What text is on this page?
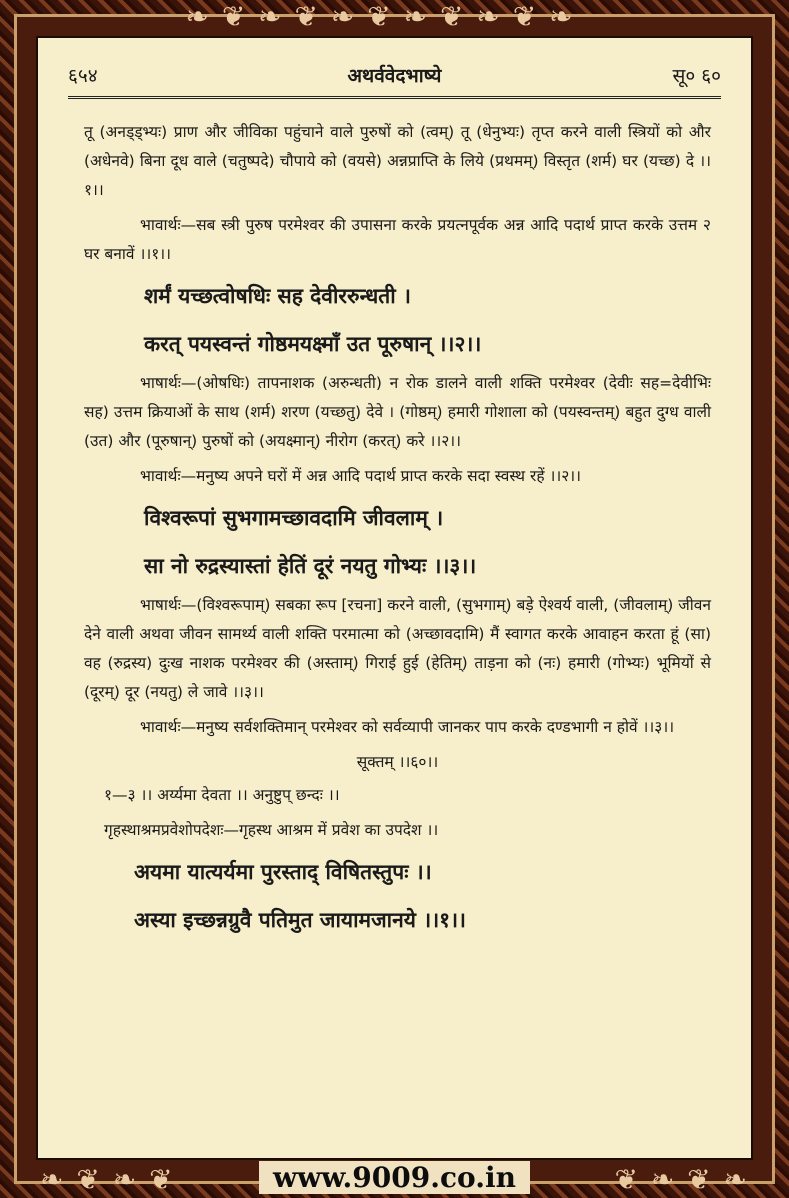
❧ ❦ ❧ ❦ ❧ ❦ ❧ ❦ ❧ ❦ ❧
❧ ❦ ❧ ❦	❦ ❧ ❦ ❧
६५४	अथर्ववेदभाष्ये	सू० ६०

तू (अनड्ड्भ्यः) प्राण और जीविका पहुंचाने वाले पुरुषों को (त्वम्) तू (धेनुभ्यः) तृप्त करने वाली स्त्रियों को और (अधेनवे) बिना दूध वाले (चतुष्पदे) चौपाये को (वयसे) अन्नप्राप्ति के लिये (प्रथमम्) विस्तृत (शर्म) घर (यच्छ) दे ।।१।।

भावार्थः—सब स्त्री पुरुष परमेश्वर की उपासना करके प्रयत्नपूर्वक अन्न आदि पदार्थ प्राप्त करके उत्तम २ घर बनावें ।।१।।

शर्मं यच्छत्वोषधिः सह देवीररुन्धती ।
करत् पयस्वन्तं गोष्ठमयक्ष्माँ उत पूरुषान् ।।२।।

भाषार्थः—(ओषधिः) तापनाशक (अरुन्धती) न रोक डालने वाली शक्ति परमेश्वर (देवीः सह=देवीभिः सह) उत्तम क्रियाओं के साथ (शर्म) शरण (यच्छतु) देवे । (गोष्ठम्) हमारी गोशाला को (पयस्वन्तम्) बहुत दुग्ध वाली (उत) और (पूरुषान्) पुरुषों को (अयक्ष्मान्) नीरोग (करत्) करे ।।२।।

भावार्थः—मनुष्य अपने घरों में अन्न आदि पदार्थ प्राप्त करके सदा स्वस्थ रहें ।।२।।

विश्वरूपां सुभगामच्छावदामि जीवलाम् ।
सा नो रुद्रस्यास्तां हेतिं दूरं नयतु गोभ्यः ।।३।।

भाषार्थः—(विश्वरूपाम्) सबका रूप [रचना] करने वाली, (सुभगाम्) बड़े ऐश्वर्य वाली, (जीवलाम्) जीवन देने वाली अथवा जीवन सामर्थ्य वाली शक्ति परमात्मा को (अच्छावदामि) मैं स्वागत करके आवाहन करता हूं (सा) वह (रुद्रस्य) दुःख नाशक परमेश्वर की (अस्ताम्) गिराई हुई (हेतिम्) ताड़ना को (नः) हमारी (गोभ्यः) भूमियों से (दूरम्) दूर (नयतु) ले जावे ।।३।।

भावार्थः—मनुष्य सर्वशक्तिमान् परमेश्वर को सर्वव्यापी जानकर पाप करके दण्डभागी न होवें ।।३।।

सूक्तम् ।।६०।।
१—३ ।। अर्य्यमा देवता ।। अनुष्टुप् छन्दः ।।
गृहस्थाश्रमप्रवेशोपदेशः—गृहस्थ आश्रम में प्रवेश का उपदेश ।।
अयमा यात्यर्यमा पुरस्ताद् विषितस्तुपः ।।
अस्या इच्छन्नग्रुवै पतिमुत जायामजानये ।।१।।
www.9009.co.in
